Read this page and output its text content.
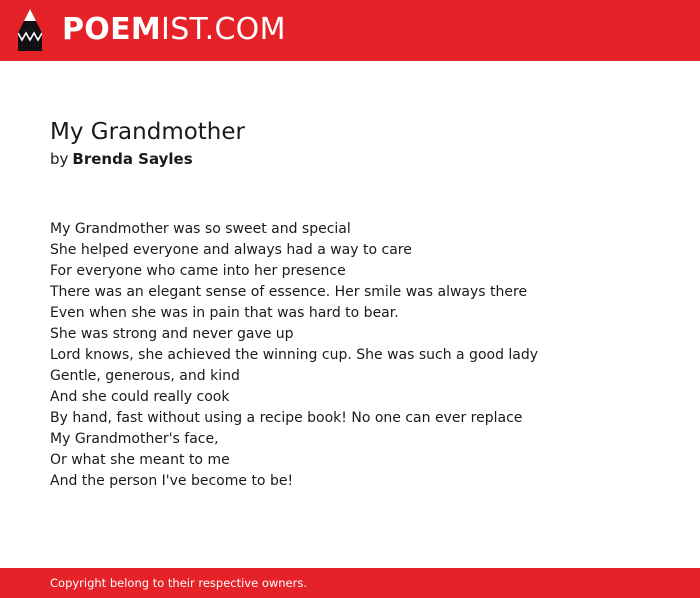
POEMIST.COM
My Grandmother
by Brenda Sayles
My Grandmother was so sweet and special
She helped everyone and always had a way to care
For everyone who came into her presence
There was an elegant sense of essence. Her smile was always there
Even when she was in pain that was hard to bear.
She was strong and never gave up
Lord knows, she achieved the winning cup. She was such a good lady
Gentle, generous, and kind
And she could really cook
By hand, fast without using a recipe book! No one can ever replace
My Grandmother's face,
Or what she meant to me
And the person I've become to be!
Copyright belong to their respective owners.
